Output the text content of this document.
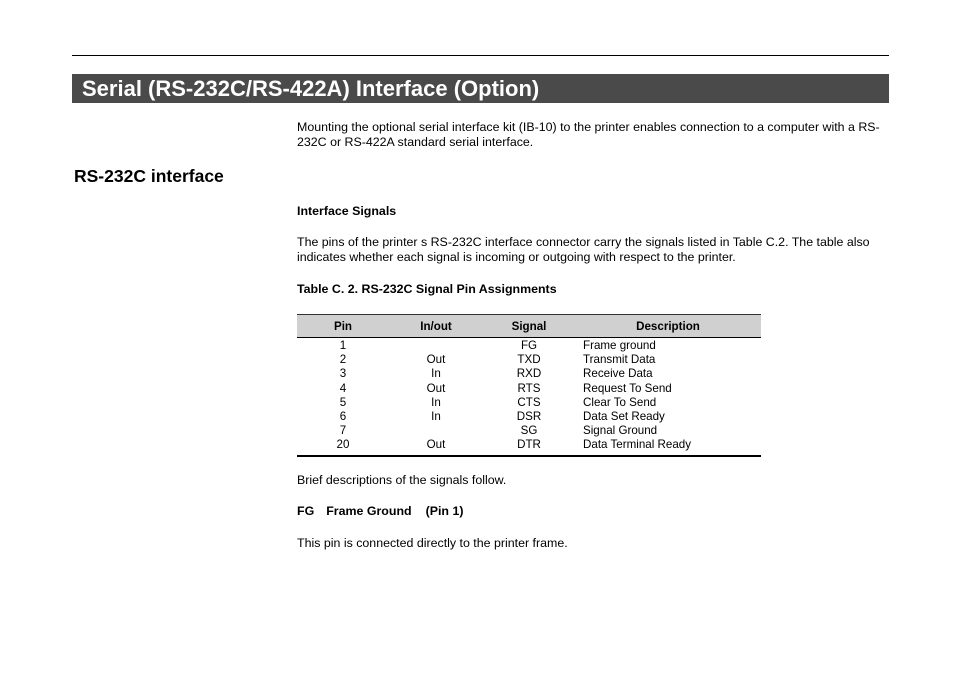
Serial (RS-232C/RS-422A) Interface (Option)

Mounting the optional serial interface kit (IB-10) to the printer enables connection to a computer with a RS-232C or RS-422A standard serial interface.

RS-232C interface
Interface Signals

The pins of the printer s RS-232C interface connector carry the signals listed in Table C.2. The table also indicates whether each signal is incoming or outgoing with respect to the printer.

Table C. 2. RS-232C Signal Pin Assignments
Pin	In/out	Signal	Description
1		FG	Frame ground
2	Out	TXD	Transmit Data
3	In	RXD	Receive Data
4	Out	RTS	Request To Send
5	In	CTS	Clear To Send
6	In	DSR	Data Set Ready
7		SG	Signal Ground
20	Out	DTR	Data Terminal Ready

Brief descriptions of the signals follow.

FG Frame Ground (Pin 1)

This pin is connected directly to the printer frame.
